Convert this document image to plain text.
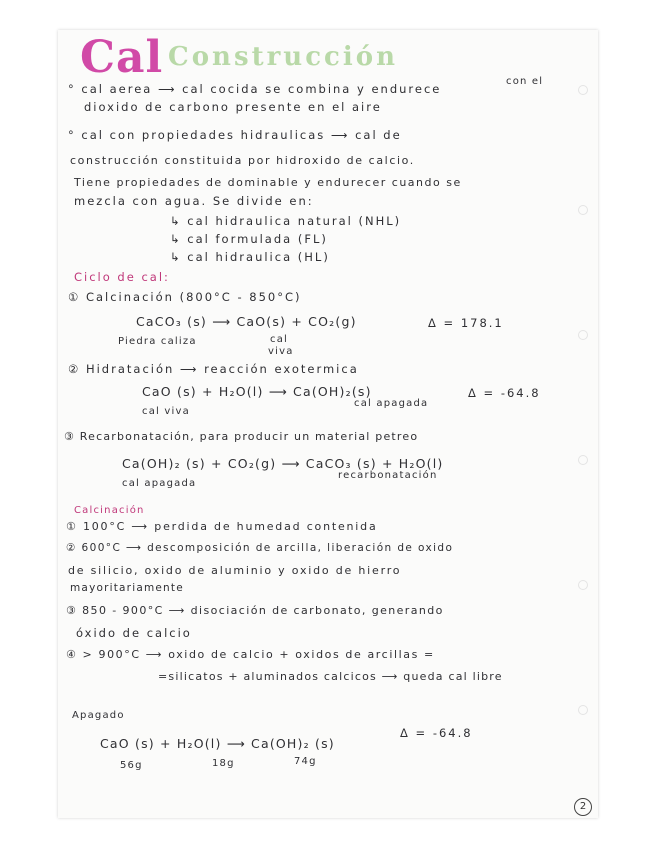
Cal Construcción
° cal aerea ⟶ cal cocida se combina y endurece
con el
dioxido de carbono presente en el aire
° cal con propiedades hidraulicas ⟶ cal de
construcción constituida por hidroxido de calcio.
Tiene propiedades de dominable y endurecer cuando se
mezcla con agua. Se divide en:
↳ cal hidraulica natural (NHL)
↳ cal formulada (FL)
↳ cal hidraulica (HL)
Ciclo de cal:
① Calcinación (800°C - 850°C)
CaCO₃ (s) ⟶ CaO(s) + CO₂(g)	Δ = 178.1
Piedra caliza	cal
viva
② Hidratación ⟶ reacción exotermica
CaO (s) + H₂O(l) ⟶ Ca(OH)₂(s)	Δ = -64.8
cal viva
cal apagada
③ Recarbonatación, para producir un material petreo
Ca(OH)₂ (s) + CO₂(g) ⟶ CaCO₃ (s) + H₂O(l)
cal apagada
recarbonatación
Calcinación
① 100°C ⟶ perdida de humedad contenida
② 600°C ⟶ descomposición de arcilla, liberación de oxido
de silicio, oxido de aluminio y oxido de hierro
mayoritariamente
③ 850 - 900°C ⟶ disociación de carbonato, generando
óxido de calcio
④ > 900°C ⟶ oxido de calcio + oxidos de arcillas =
=silicatos + aluminados calcicos ⟶ queda cal libre
Apagado
CaO (s) + H₂O(l) ⟶ Ca(OH)₂ (s)
Δ = -64.8
56g	18g	74g
2
